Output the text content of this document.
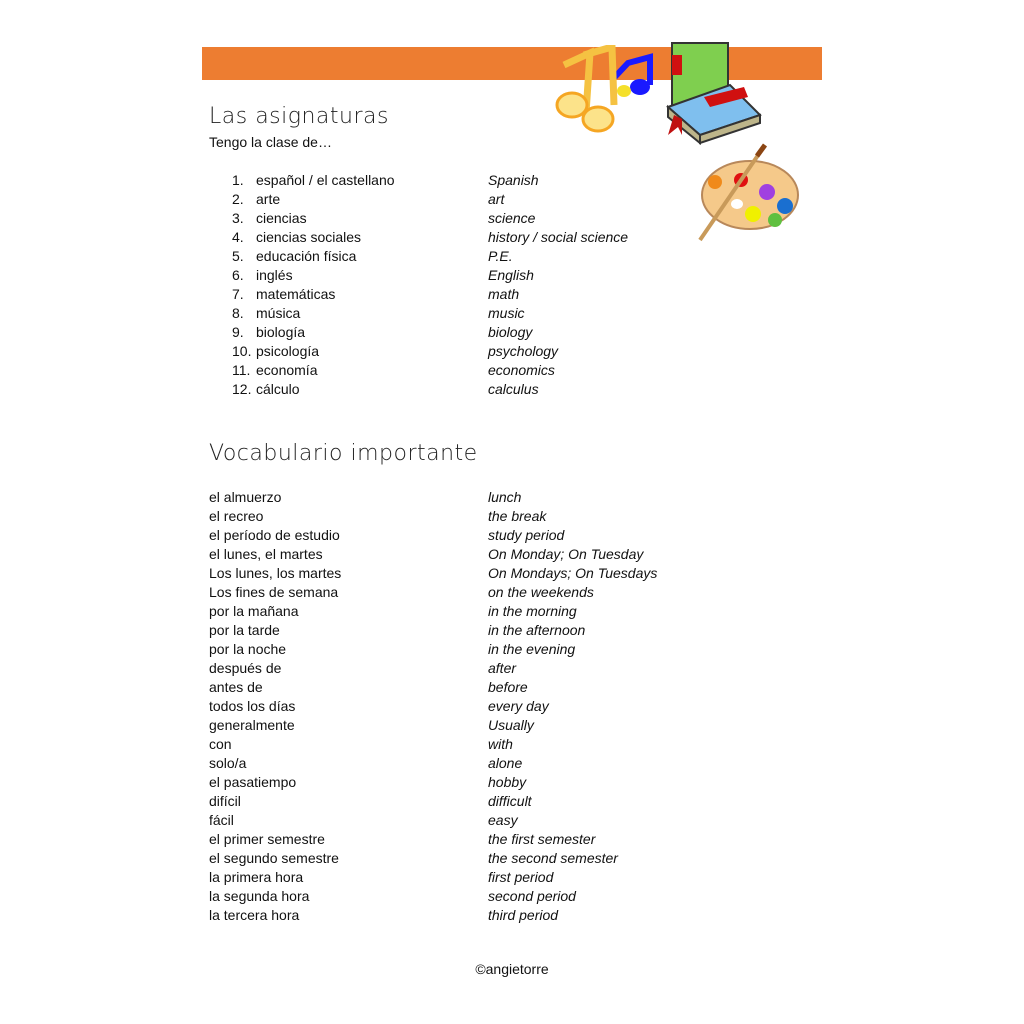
Las asignaturas
Tengo la clase de…
1. español / el castellano	Spanish
2. arte	art
3. ciencias	science
4. ciencias sociales	history / social science
5. educación física	P.E.
6. inglés	English
7. matemáticas	math
8. música	music
9. biología	biology
10. psicología	psychology
11. economía	economics
12. cálculo	calculus
Vocabulario importante
el almuerzo	lunch
el recreo	the break
el período de estudio	study period
el lunes, el martes	On Monday; On Tuesday
Los lunes, los martes	On Mondays; On Tuesdays
Los fines de semana	on the weekends
por la mañana	in the morning
por la tarde	in the afternoon
por la noche	in the evening
después de	after
antes de	before
todos los días	every day
generalmente	Usually
con	with
solo/a	alone
el pasatiempo	hobby
difícil	difficult
fácil	easy
el primer semestre	the first semester
el segundo semestre	the second semester
la primera hora	first period
la segunda hora	second period
la tercera hora	third period
©angietorre
